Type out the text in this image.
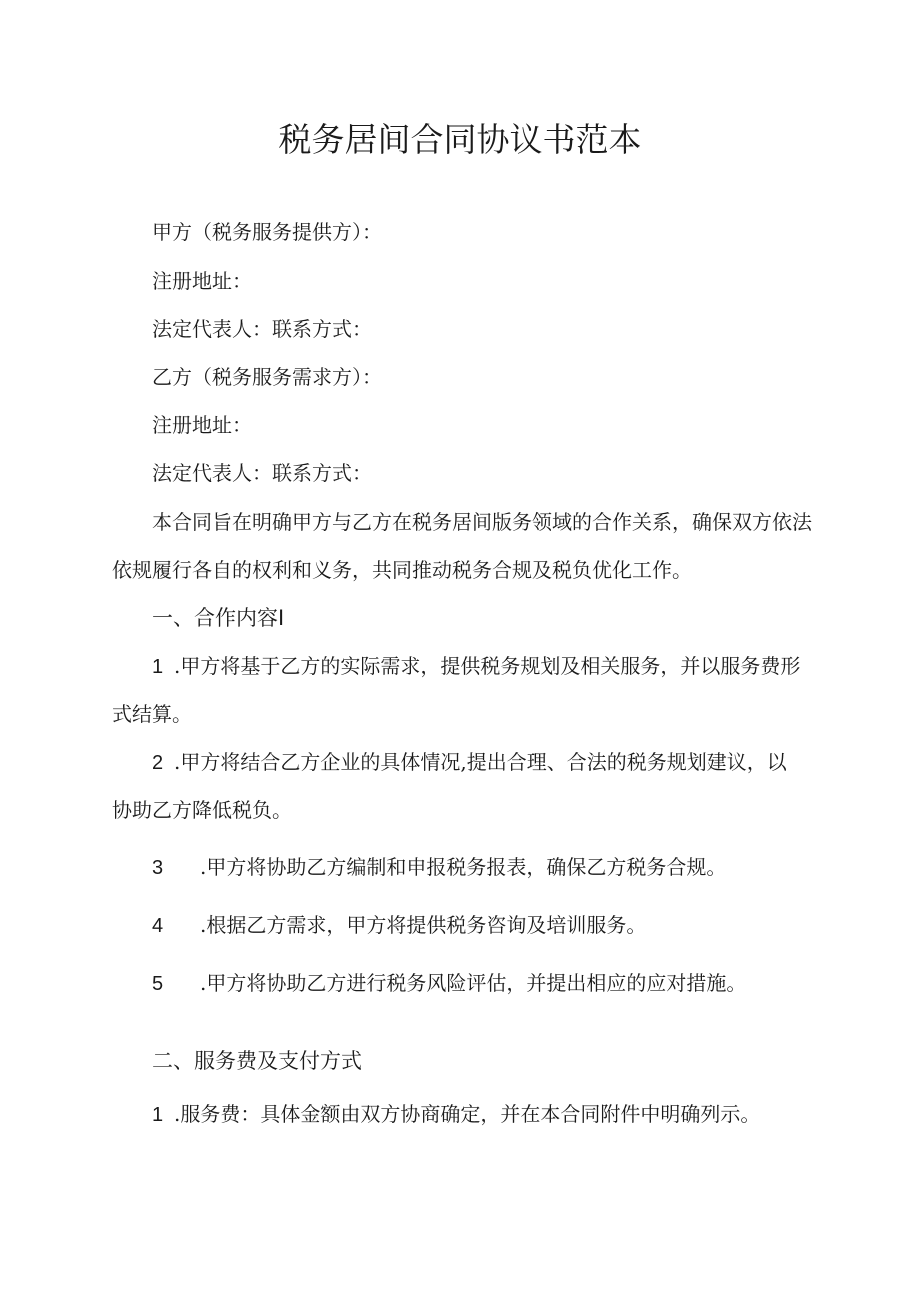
税务居间合同协议书范本
甲方（税务服务提供方）：
注册地址：
法定代表人：联系方式：
乙方（税务服务需求方）：
注册地址：
法定代表人：联系方式：
本合同旨在明确甲方与乙方在税务居间版务领域的合作关系，确保双方依法
依规履行各自的权利和义务，共同推动税务合规及税负优化工作。
一、合作内容I
1 .甲方将基于乙方的实际需求，提供税务规划及相关服务，并以服务费形
式结算。
2 .甲方将结合乙方企业的具体情况,提出合理、合法的税务规划建议，以
协助乙方降低税负。
3 .甲方将协助乙方编制和申报税务报表，确保乙方税务合规。
4 .根据乙方需求，甲方将提供税务咨询及培训服务。
5 .甲方将协助乙方进行税务风险评估，并提出相应的应对措施。
二、服务费及支付方式
1 .服务费：具体金额由双方协商确定，并在本合同附件中明确列示。
